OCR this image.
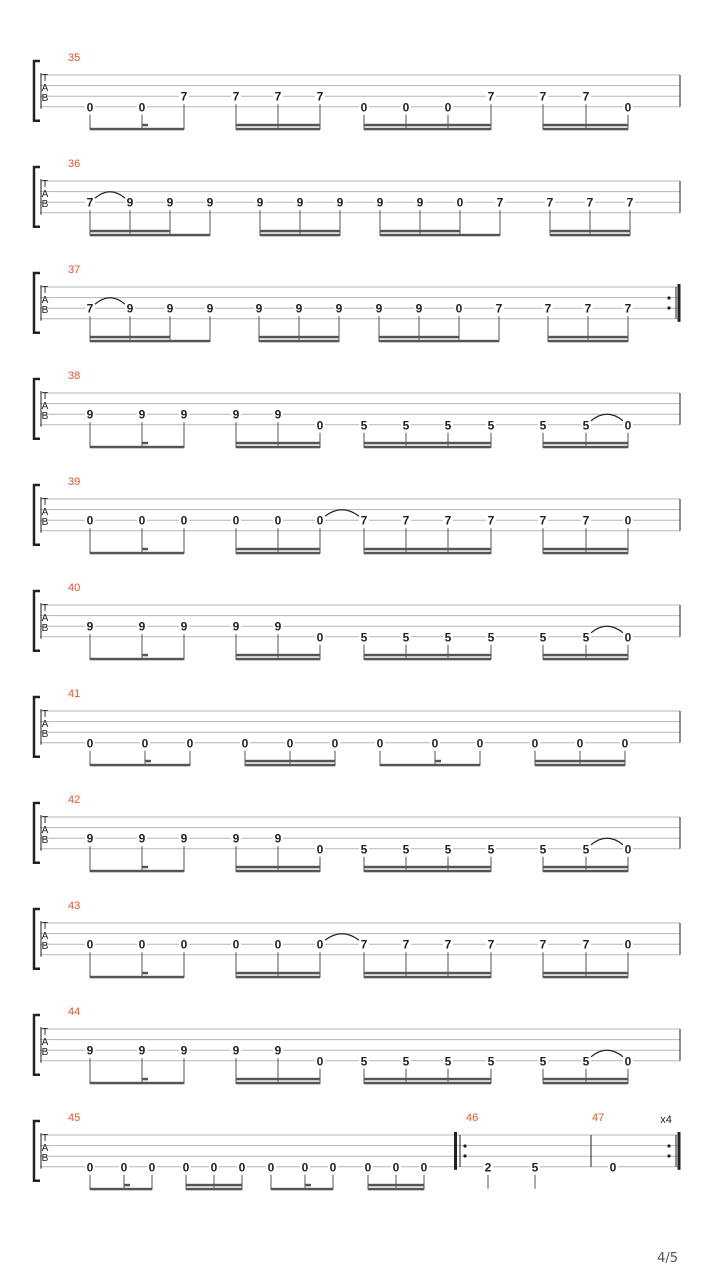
T
A
B
35
0	0
7	7	7	7
0	0	0
7	7	7
0
T
A
B
36
7	9	9	9	9	9	9	9	9	0	7	7	7	7
T
A
B
37
7	9	9	9	9	9	9	9	9	0	7	7	7	7
T
A
B
38
9	9	9	9	9
0	5	5	5	5	5	5	0
T
A
B
39
0	0	0	0	0	0	7	7	7	7	7	7	0
T
A
B
40
9	9	9	9	9
0	5	5	5	5	5	5	0
T
A
B
41
0	0	0	0	0	0	0	0	0	0	0	0
T
A
B
42
9	9	9	9	9
0	5	5	5	5	5	5	0
T
A
B
43
0	0	0	0	0	0	7	7	7	7	7	7	0
T
A
B
44
9	9	9	9	9
0	5	5	5	5	5	5	0
T
A
B
45	46	47	x4
0 0 0 0 0 0 0 0 0 0 0 0	2	5	0
4/5
